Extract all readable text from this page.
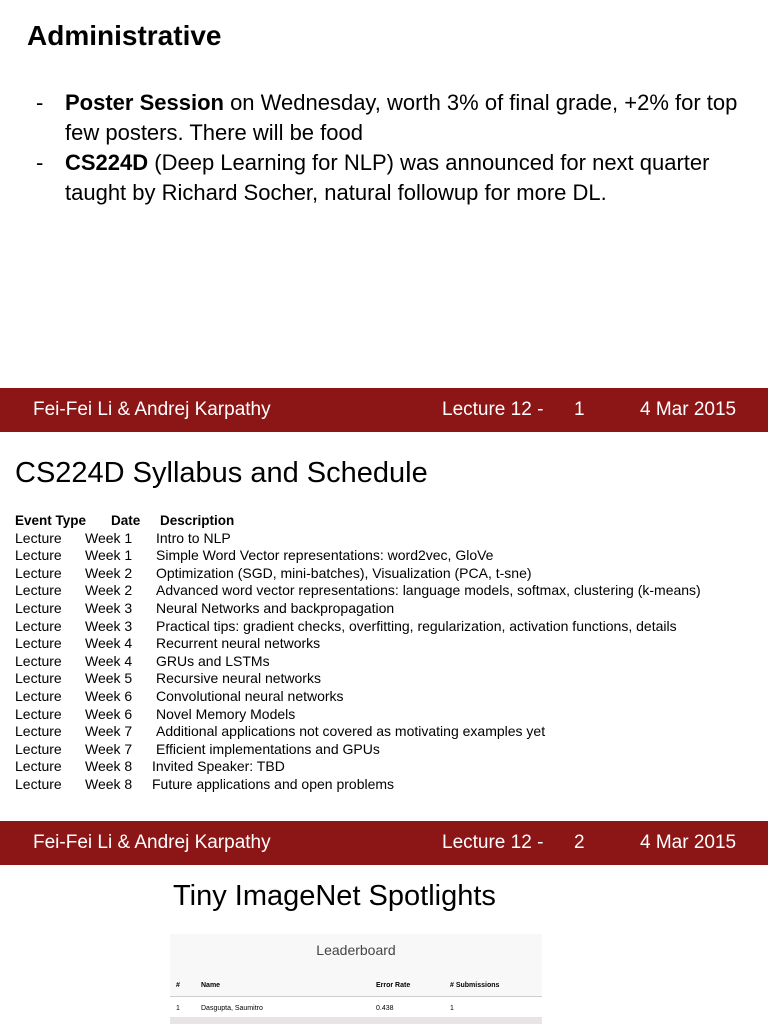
Administrative
- Poster Session on Wednesday, worth 3% of final grade, +2% for top few posters. There will be food
- CS224D (Deep Learning for NLP) was announced for next quarter taught by Richard Socher, natural followup for more DL.
Fei-Fei Li & Andrej Karpathy	Lecture 12 - 1	4 Mar 2015
CS224D Syllabus and Schedule
Event Type Date Description
Lecture Week 1 Intro to NLP
Lecture Week 1 Simple Word Vector representations: word2vec, GloVe
Lecture Week 2 Optimization (SGD, mini-batches), Visualization (PCA, t-sne)
Lecture Week 2 Advanced word vector representations: language models, softmax, clustering (k-means)
Lecture Week 3 Neural Networks and backpropagation
Lecture Week 3 Practical tips: gradient checks, overfitting, regularization, activation functions, details
Lecture Week 4 Recurrent neural networks
Lecture Week 4 GRUs and LSTMs
Lecture Week 5 Recursive neural networks
Lecture Week 6 Convolutional neural networks
Lecture Week 6 Novel Memory Models
Lecture Week 7 Additional applications not covered as motivating examples yet
Lecture Week 7 Efficient implementations and GPUs
Lecture Week 8 Invited Speaker: TBD
Lecture Week 8 Future applications and open problems
Fei-Fei Li & Andrej Karpathy	Lecture 12 - 2	4 Mar 2015
Tiny ImageNet Spotlights
Leaderboard
#	Name	Error Rate	# Submissions
1	Dasgupta, Saumitro	0.438	1
